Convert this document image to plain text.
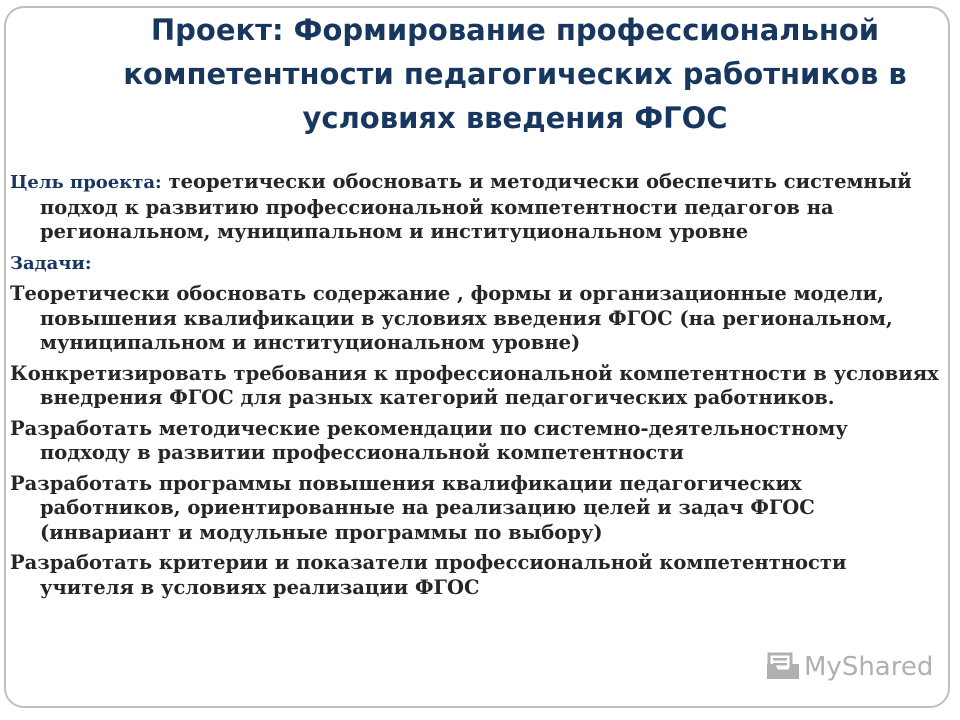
Проект: Формирование профессиональной компетентности педагогических работников в условиях введения ФГОС

Цель проекта: теоретически обосновать и методически обеспечить системный подход к развитию профессиональной компетентности педагогов на региональном, муниципальном и институциональном уровне

Задачи:

Теоретически обосновать содержание , формы и организационные модели, повышения квалификации в условиях введения ФГОС (на региональном, муниципальном и институциональном уровне)

Конкретизировать требования к профессиональной компетентности в условиях внедрения ФГОС для разных категорий педагогических работников.

Разработать методические рекомендации по системно-деятельностному подходу в развитии профессиональной компетентности

Разработать программы повышения квалификации педагогических работников, ориентированные на реализацию целей и задач ФГОС (инвариант и модульные программы по выбору)

Разработать критерии и показатели профессиональной компетентности учителя в условиях реализации ФГОС

MyShared
